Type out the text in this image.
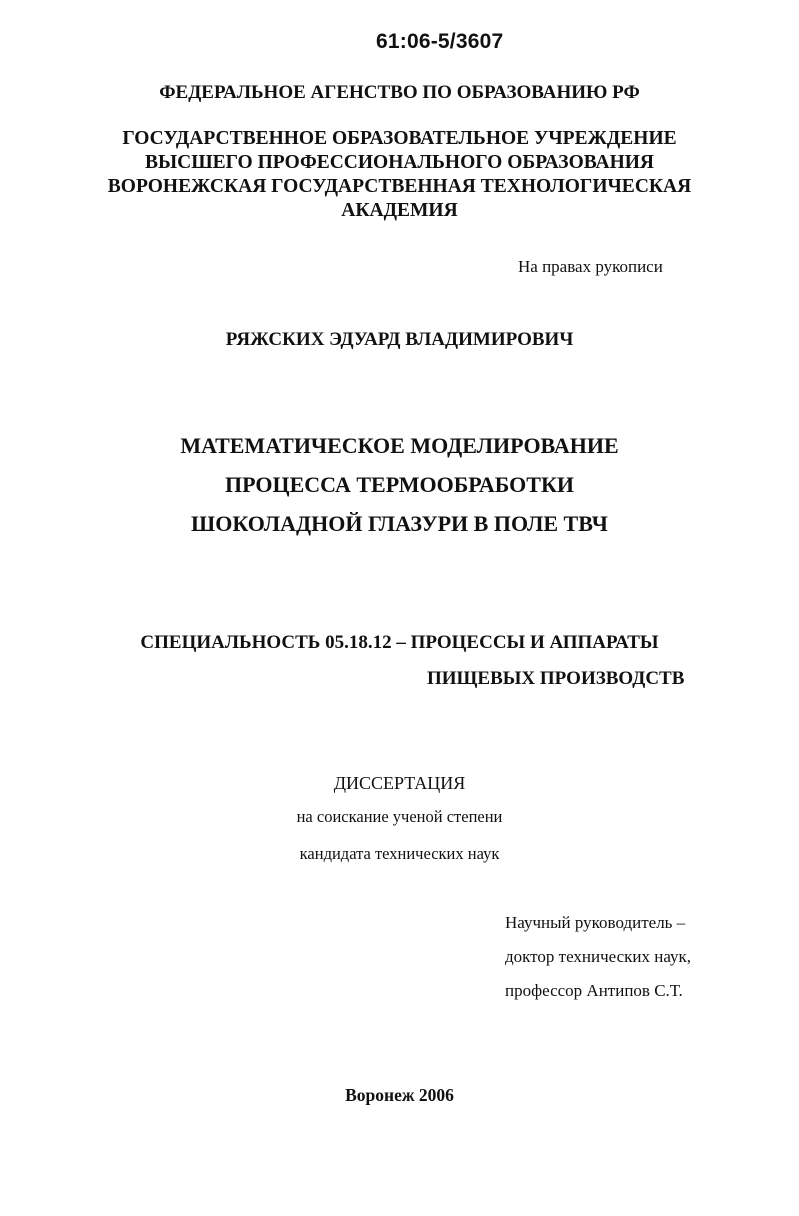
61:06-5/3607
ФЕДЕРАЛЬНОЕ АГЕНСТВО ПО ОБРАЗОВАНИЮ РФ
ГОСУДАРСТВЕННОЕ ОБРАЗОВАТЕЛЬНОЕ УЧРЕЖДЕНИЕ
ВЫСШЕГО ПРОФЕССИОНАЛЬНОГО ОБРАЗОВАНИЯ
ВОРОНЕЖСКАЯ ГОСУДАРСТВЕННАЯ ТЕХНОЛОГИЧЕСКАЯ
АКАДЕМИЯ
На правах рукописи
РЯЖСКИХ ЭДУАРД ВЛАДИМИРОВИЧ
МАТЕМАТИЧЕСКОЕ МОДЕЛИРОВАНИЕ
ПРОЦЕССА ТЕРМООБРАБОТКИ
ШОКОЛАДНОЙ ГЛАЗУРИ В ПОЛЕ ТВЧ
СПЕЦИАЛЬНОСТЬ 05.18.12 – ПРОЦЕССЫ И АППАРАТЫ
ПИЩЕВЫХ ПРОИЗВОДСТВ
ДИССЕРТАЦИЯ
на соискание ученой степени
кандидата технических наук
Научный руководитель –
доктор технических наук,
профессор Антипов С.Т.
Воронеж 2006
